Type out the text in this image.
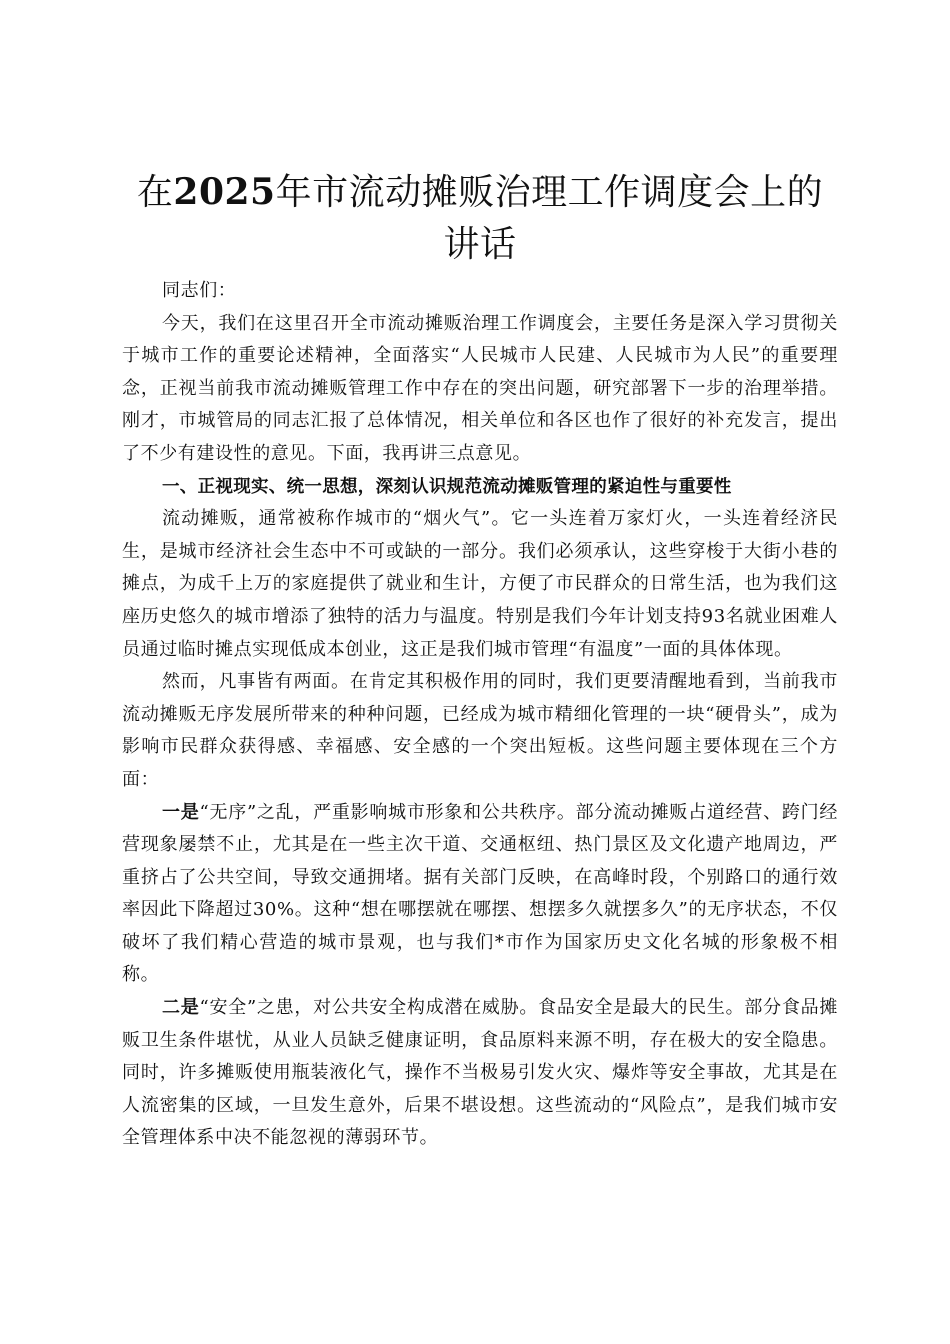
在2025年市流动摊贩治理工作调度会上的讲话

同志们：

今天，我们在这里召开全市流动摊贩治理工作调度会，主要任务是深入学习贯彻关于城市工作的重要论述精神，全面落实“人民城市人民建、人民城市为人民”的重要理念，正视当前我市流动摊贩管理工作中存在的突出问题，研究部署下一步的治理举措。刚才，市城管局的同志汇报了总体情况，相关单位和各区也作了很好的补充发言，提出了不少有建设性的意见。下面，我再讲三点意见。

一、正视现实、统一思想，深刻认识规范流动摊贩管理的紧迫性与重要性

流动摊贩，通常被称作城市的“烟火气”。它一头连着万家灯火，一头连着经济民生，是城市经济社会生态中不可或缺的一部分。我们必须承认，这些穿梭于大街小巷的摊点，为成千上万的家庭提供了就业和生计，方便了市民群众的日常生活，也为我们这座历史悠久的城市增添了独特的活力与温度。特别是我们今年计划支持93名就业困难人员通过临时摊点实现低成本创业，这正是我们城市管理“有温度”一面的具体体现。

然而，凡事皆有两面。在肯定其积极作用的同时，我们更要清醒地看到，当前我市流动摊贩无序发展所带来的种种问题，已经成为城市精细化管理的一块“硬骨头”，成为影响市民群众获得感、幸福感、安全感的一个突出短板。这些问题主要体现在三个方面：

一是“无序”之乱，严重影响城市形象和公共秩序。部分流动摊贩占道经营、跨门经营现象屡禁不止，尤其是在一些主次干道、交通枢纽、热门景区及文化遗产地周边，严重挤占了公共空间，导致交通拥堵。据有关部门反映，在高峰时段，个别路口的通行效率因此下降超过30%。这种“想在哪摆就在哪摆、想摆多久就摆多久”的无序状态，不仅破坏了我们精心营造的城市景观，也与我们*市作为国家历史文化名城的形象极不相称。

二是“安全”之患，对公共安全构成潜在威胁。食品安全是最大的民生。部分食品摊贩卫生条件堪忧，从业人员缺乏健康证明，食品原料来源不明，存在极大的安全隐患。同时，许多摊贩使用瓶装液化气，操作不当极易引发火灾、爆炸等安全事故，尤其是在人流密集的区域，一旦发生意外，后果不堪设想。这些流动的“风险点”，是我们城市安全管理体系中决不能忽视的薄弱环节。
